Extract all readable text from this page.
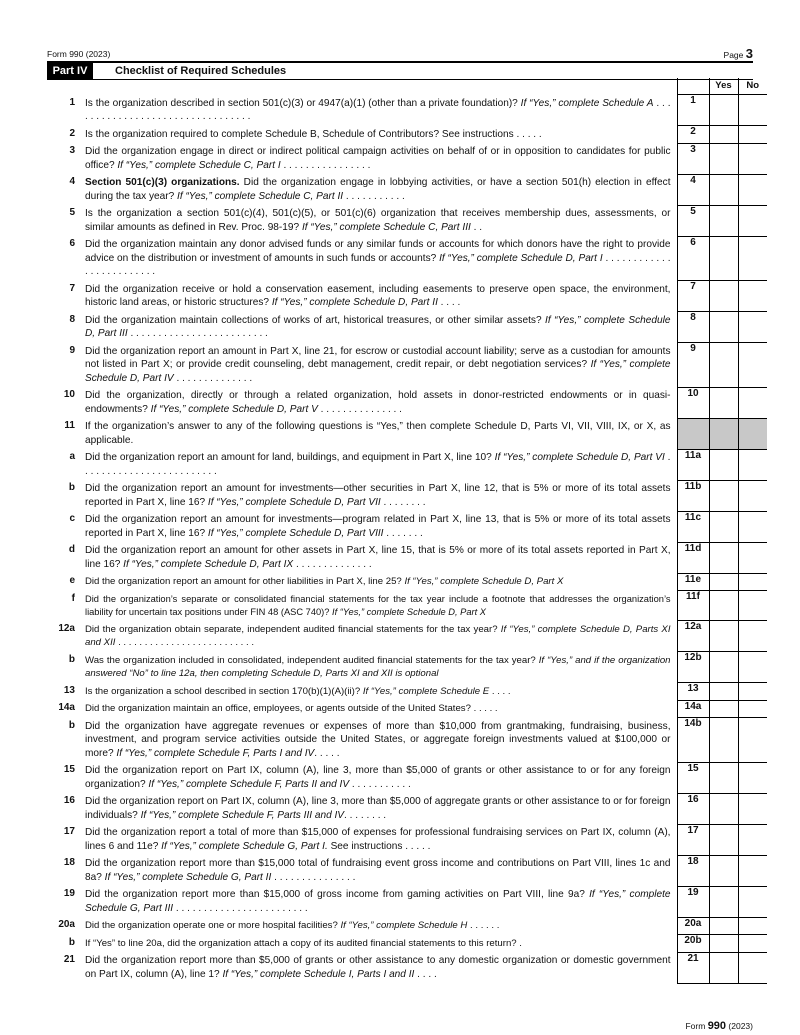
Form 990 (2023)	Page 3
Part IV	Checklist of Required Schedules
			Yes	No
1	Is the organization described in section 501(c)(3) or 4947(a)(1) (other than a private foundation)? If “Yes,” complete Schedule A . . . . . . . . . . . . . . . . . . . . . . . . . . . . . . . . .	1		
2	Is the organization required to complete Schedule B, Schedule of Contributors? See instructions . . . . .	2		
3	Did the organization engage in direct or indirect political campaign activities on behalf of or in opposition to candidates for public office? If “Yes,” complete Schedule C, Part I . . . . . . . . . . . . . . . .	3		
4	Section 501(c)(3) organizations. Did the organization engage in lobbying activities, or have a section 501(h) election in effect during the tax year? If “Yes,” complete Schedule C, Part II . . . . . . . . . . .	4		
5	Is the organization a section 501(c)(4), 501(c)(5), or 501(c)(6) organization that receives membership dues, assessments, or similar amounts as defined in Rev. Proc. 98-19? If “Yes,” complete Schedule C, Part III . .	5		
6	Did the organization maintain any donor advised funds or any similar funds or accounts for which donors have the right to provide advice on the distribution or investment of amounts in such funds or accounts? If “Yes,” complete Schedule D, Part I . . . . . . . . . . . . . . . . . . . . . . . . .	6		
7	Did the organization receive or hold a conservation easement, including easements to preserve open space, the environment, historic land areas, or historic structures? If “Yes,” complete Schedule D, Part II . . . .	7		
8	Did the organization maintain collections of works of art, historical treasures, or other similar assets? If “Yes,” complete Schedule D, Part III . . . . . . . . . . . . . . . . . . . . . . . . .	8		
9	Did the organization report an amount in Part X, line 21, for escrow or custodial account liability; serve as a custodian for amounts not listed in Part X; or provide credit counseling, debt management, credit repair, or debt negotiation services? If “Yes,” complete Schedule D, Part IV . . . . . . . . . . . . . .	9		
10	Did the organization, directly or through a related organization, hold assets in donor-restricted endowments or in quasi-endowments? If “Yes,” complete Schedule D, Part V . . . . . . . . . . . . . . .	10		
11	If the organization’s answer to any of the following questions is “Yes,” then complete Schedule D, Parts VI, VII, VIII, IX, or X, as applicable.			
a	Did the organization report an amount for land, buildings, and equipment in Part X, line 10? If “Yes,” complete Schedule D, Part VI . . . . . . . . . . . . . . . . . . . . . . . . .	11a		
b	Did the organization report an amount for investments—other securities in Part X, line 12, that is 5% or more of its total assets reported in Part X, line 16? If “Yes,” complete Schedule D, Part VII . . . . . . . .	11b		
c	Did the organization report an amount for investments—program related in Part X, line 13, that is 5% or more of its total assets reported in Part X, line 16? If “Yes,” complete Schedule D, Part VIII . . . . . . .	11c		
d	Did the organization report an amount for other assets in Part X, line 15, that is 5% or more of its total assets reported in Part X, line 16? If “Yes,” complete Schedule D, Part IX . . . . . . . . . . . . . .	11d		
e	Did the organization report an amount for other liabilities in Part X, line 25? If “Yes,” complete Schedule D, Part X	11e		
f	Did the organization’s separate or consolidated financial statements for the tax year include a footnote that addresses the organization’s liability for uncertain tax positions under FIN 48 (ASC 740)? If “Yes,” complete Schedule D, Part X	11f		
12a	Did the organization obtain separate, independent audited financial statements for the tax year? If “Yes,” complete Schedule D, Parts XI and XII . . . . . . . . . . . . . . . . . . . . . . . . . .	12a		
b	Was the organization included in consolidated, independent audited financial statements for the tax year? If “Yes,” and if the organization answered “No” to line 12a, then completing Schedule D, Parts XI and XII is optional	12b		
13	Is the organization a school described in section 170(b)(1)(A)(ii)? If “Yes,” complete Schedule E . . . .	13		
14a	Did the organization maintain an office, employees, or agents outside of the United States? . . . . .	14a		
b	Did the organization have aggregate revenues or expenses of more than $10,000 from grantmaking, fundraising, business, investment, and program service activities outside the United States, or aggregate foreign investments valued at $100,000 or more? If “Yes,” complete Schedule F, Parts I and IV. . . . .	14b		
15	Did the organization report on Part IX, column (A), line 3, more than $5,000 of grants or other assistance to or for any foreign organization? If “Yes,” complete Schedule F, Parts II and IV . . . . . . . . . . .	15		
16	Did the organization report on Part IX, column (A), line 3, more than $5,000 of aggregate grants or other assistance to or for foreign individuals? If “Yes,” complete Schedule F, Parts III and IV. . . . . . . .	16		
17	Did the organization report a total of more than $15,000 of expenses for professional fundraising services on Part IX, column (A), lines 6 and 11e? If “Yes,” complete Schedule G, Part I. See instructions . . . . .	17		
18	Did the organization report more than $15,000 total of fundraising event gross income and contributions on Part VIII, lines 1c and 8a? If “Yes,” complete Schedule G, Part II . . . . . . . . . . . . . . .	18		
19	Did the organization report more than $15,000 of gross income from gaming activities on Part VIII, line 9a? If “Yes,” complete Schedule G, Part III . . . . . . . . . . . . . . . . . . . . . . . .	19		
20a	Did the organization operate one or more hospital facilities? If “Yes,” complete Schedule H . . . . . .	20a		
b	If “Yes” to line 20a, did the organization attach a copy of its audited financial statements to this return? .	20b		
21	Did the organization report more than $5,000 of grants or other assistance to any domestic organization or domestic government on Part IX, column (A), line 1? If “Yes,” complete Schedule I, Parts I and II . . . .	21		
Form 990 (2023)
